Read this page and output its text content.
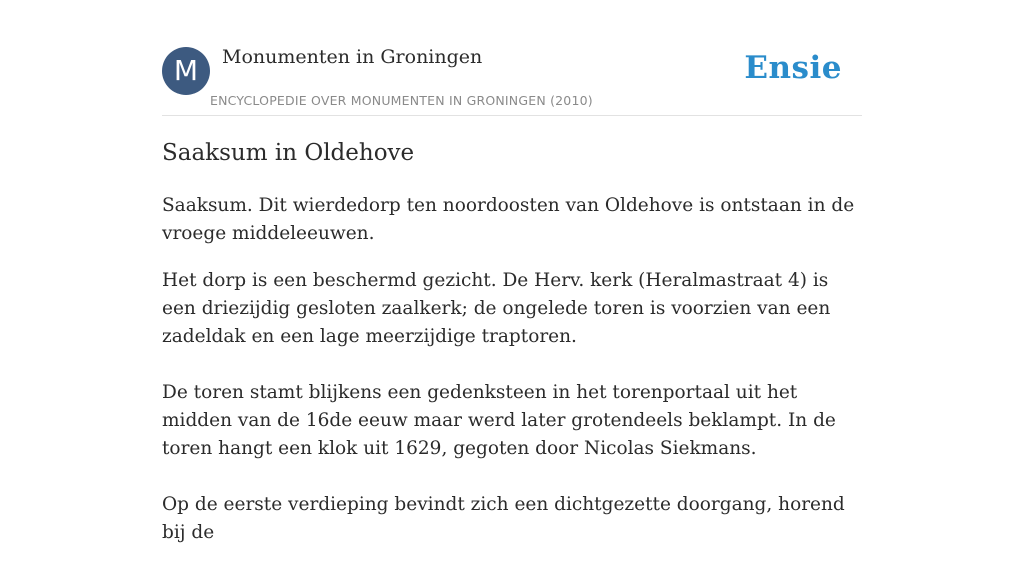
M	Monumenten in Groningen
ENCYCLOPEDIE OVER MONUMENTEN IN GRONINGEN (2010)
Ensie
Saaksum in Oldehove

Saaksum. Dit wierdedorp ten noordoosten van Oldehove is ontstaan in de vroege middeleeuwen.

Het dorp is een beschermd gezicht. De Herv. kerk (Heralmastraat 4) is een driezijdig gesloten zaalkerk; de ongelede toren is voorzien van een zadeldak en een lage meerzijdige traptoren.

De toren stamt blijkens een gedenksteen in het torenportaal uit het midden van de 16de eeuw maar werd later grotendeels beklampt. In de toren hangt een klok uit 1629, gegoten door Nicolas Siekmans.

Op de eerste verdieping bevindt zich een dichtgezette doorgang, horend bij de
